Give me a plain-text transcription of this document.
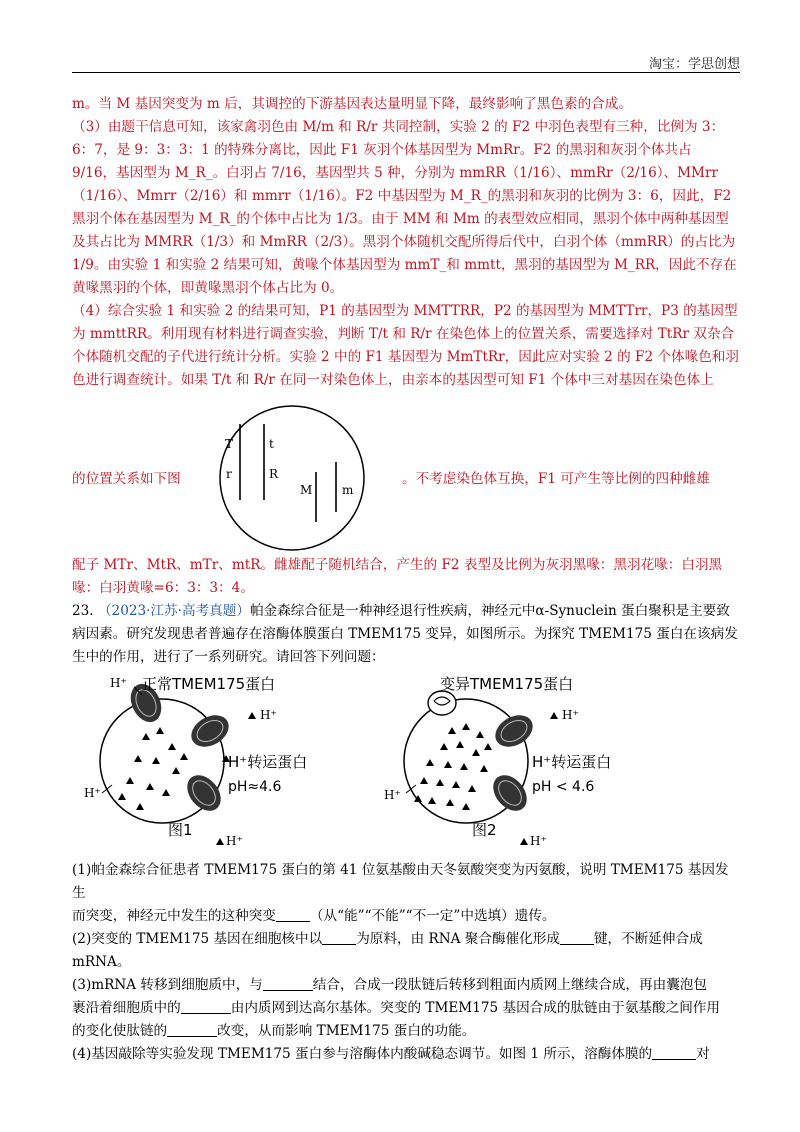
淘宝：学思创想

m。当 M 基因突变为 m 后，其调控的下游基因表达量明显下降，最终影响了黑色素的合成。

（3）由题干信息可知，该家禽羽色由 M/m 和 R/r 共同控制，实验 2 的 F2 中羽色表型有三种，比例为 3：6：7，是 9：3：3：1 的特殊分离比，因此 F1 灰羽个体基因型为 MmRr。F2 的黑羽和灰羽个体共占 9/16，基因型为 M_R_。白羽占 7/16，基因型共 5 种，分别为 mmRR（1/16）、mmRr（2/16）、MMrr（1/16）、Mmrr（2/16）和 mmrr（1/16）。F2 中基因型为 M_R_的黑羽和灰羽的比例为 3：6，因此，F2 黑羽个体在基因型为 M_R_的个体中占比为 1/3。由于 MM 和 Mm 的表型效应相同，黑羽个体中两种基因型及其占比为 MMRR（1/3）和 MmRR（2/3）。黑羽个体随机交配所得后代中，白羽个体（mmRR）的占比为 1/9。由实验 1 和实验 2 结果可知，黄喙个体基因型为 mmT_和 mmtt，黑羽的基因型为 M_RR，因此不存在黄喙黑羽的个体，即黄喙黑羽个体占比为 0。

（4）综合实验 1 和实验 2 的结果可知，P1 的基因型为 MMTTRR，P2 的基因型为 MMTTrr，P3 的基因型为 mmttRR。利用现有材料进行调查实验，判断 T/t 和 R/r 在染色体上的位置关系，需要选择对 TtRr 双杂合个体随机交配的子代进行统计分析。实验 2 中的 F1 基因型为 MmTtRr，因此应对实验 2 的 F2 个体喙色和羽色进行调查统计。如果 T/t 和 R/r 在同一对染色体上，由亲本的基因型可知 F1 个体中三对基因在染色体上

的位置关系如下图
T	t
r	R
M m
。不考虑染色体互换，F1 可产生等比例的四种雌雄

配子 MTr、MtR、mTr、mtR。雌雄配子随机结合，产生的 F2 表型及比例为灰羽黑喙：黑羽花喙：白羽黑喙：白羽黄喙=6：3：3：4。

23. （2023·江苏·高考真题）帕金森综合征是一种神经退行性疾病，神经元中α-Synuclein 蛋白聚积是主要致病因素。研究发现患者普遍存在溶酶体膜蛋白 TMEM175 变异，如图所示。为探究 TMEM175 蛋白在该病发生中的作用，进行了一系列研究。请回答下列问题：

H⁺ 正常TMEM175蛋白
H⁺
H⁺转运蛋白
pH≈4.6
H⁺
图1
H⁺
变异TMEM175蛋白
H⁺
H⁺转运蛋白
pH < 4.6
H⁺
图2
H⁺

(1)帕金森综合征患者 TMEM175 蛋白的第 41 位氨基酸由天冬氨酸突变为丙氨酸，说明 TMEM175 基因发生

而突变，神经元中发生的这种突变	（从“能”“不能”“不一定”中选填）遗传。

(2)突变的 TMEM175 基因在细胞核中以	为原料，由 RNA 聚合酶催化形成	键，不断延伸合成

mRNA。

(3)mRNA 转移到细胞质中，与	结合，合成一段肽链后转移到粗面内质网上继续合成，再由囊泡包

裹沿着细胞质中的	由内质网到达高尔基体。突变的 TMEM175 基因合成的肽链由于氨基酸之间作用

的变化使肽链的	改变，从而影响 TMEM175 蛋白的功能。

(4)基因敲除等实验发现 TMEM175 蛋白参与溶酶体内酸碱稳态调节。如图 1 所示，溶酶体膜的	对
